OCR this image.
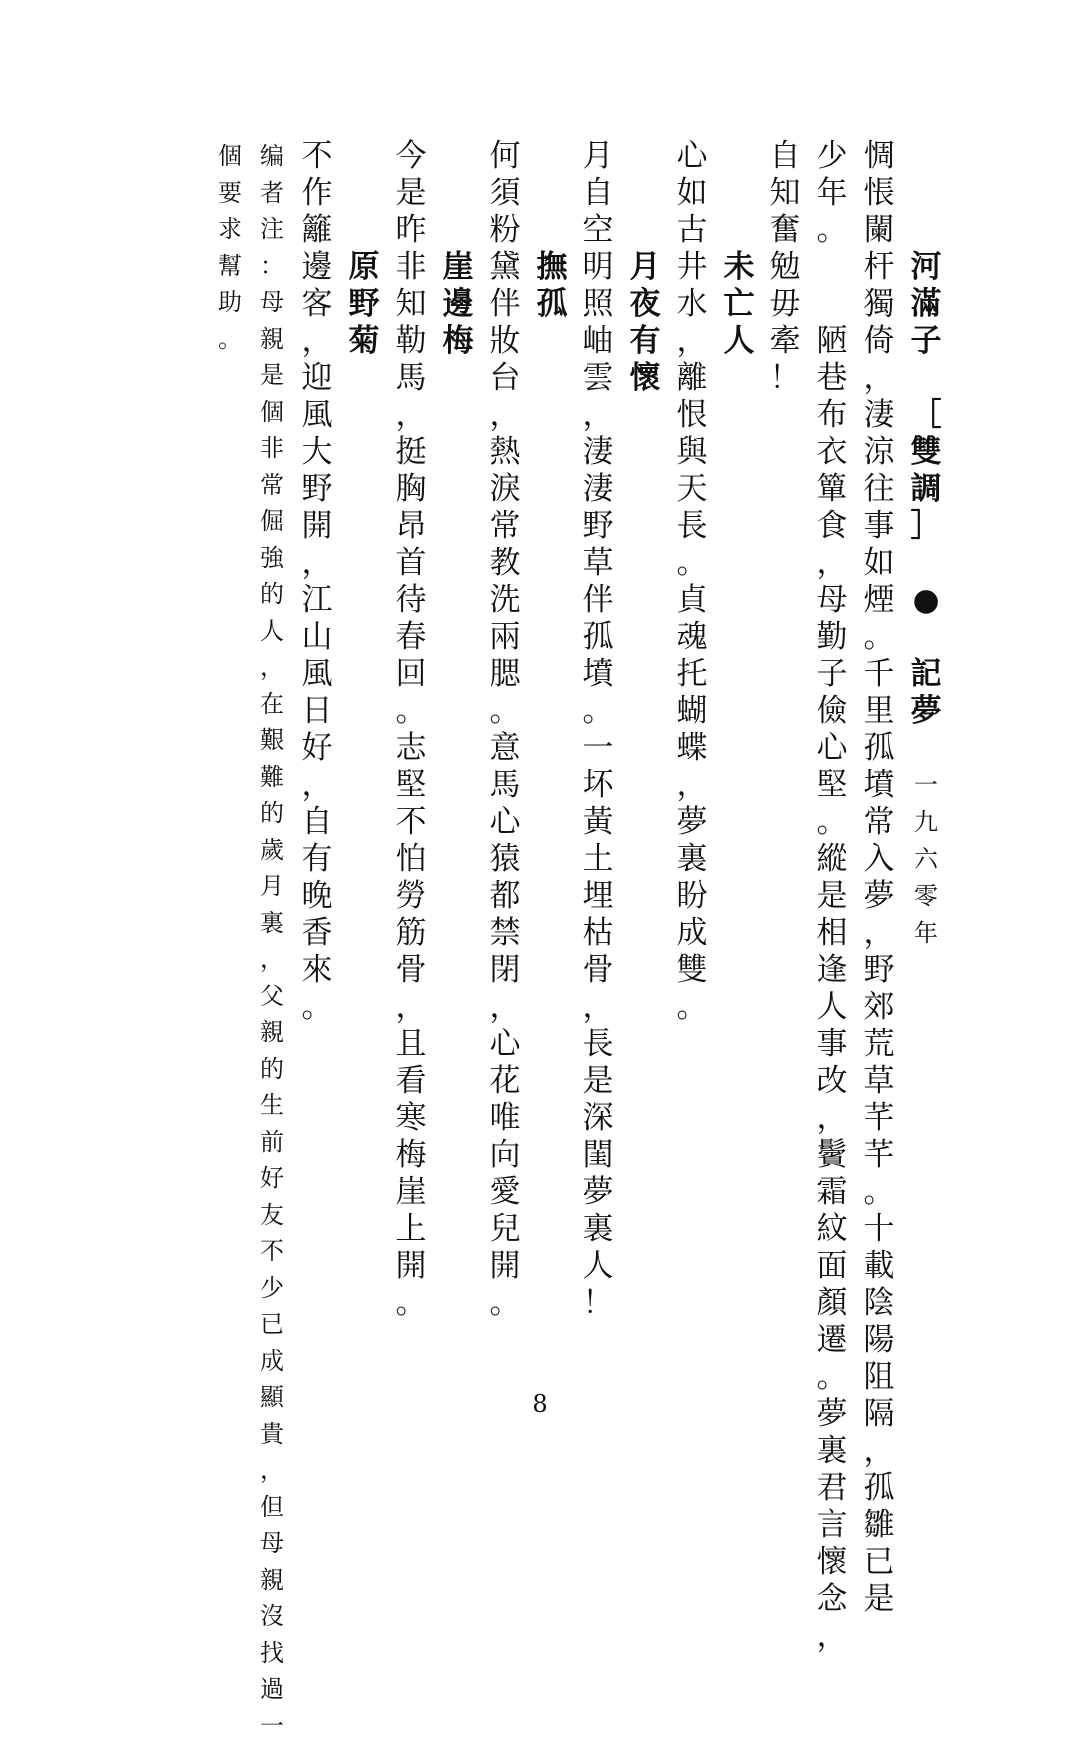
河
滿
子

［
雙
調
］

●

記
夢

一
九
六
零
年
惆
悵
闌
杆
獨
倚
，
淒
涼
往
事
如
煙
。
千
里
孤
墳
常
入
夢
，
野
郊
荒
草
芊
芊
。
十
載
陰
陽
阻
隔
，
孤
雛
已
是
少
年
。

陋
巷
布
衣
簞
食
，
母
勤
子
儉
心
堅
。
縱
是
相
逢
人
事
改
，
鬢
霜
紋
面
顏
遷
。
夢
裏
君
言
懷
念
，
自
知
奮
勉
毋
牽
！

未
亡
人
心
如
古
井
水
，
離
恨
與
天
長
。
貞
魂
托
蝴
蝶
，
夢
裏
盼
成
雙
。

月
夜
有
懷
月
自
空
明
照
岫
雲
，
淒
淒
野
草
伴
孤
墳
。
一
坏
黃
土
埋
枯
骨
，
長
是
深
閨
夢
裏
人
！

撫
孤
何
須
粉
黛
伴
妝
台
，
熱
淚
常
教
洗
兩
腮
。
意
馬
心
猿
都
禁
閉
，
心
花
唯
向
愛
兒
開
。

崖
邊
梅
今
是
昨
非
知
勒
馬
，
挺
胸
昂
首
待
春
回
。
志
堅
不
怕
勞
筋
骨
，
且
看
寒
梅
崖
上
開
。

原
野
菊
不
作
籬
邊
客
，
迎
風
大
野
開
，
江
山
風
日
好
，
自
有
晚
香
來
。
编
者
注
：
母
親
是
個
非
常
倔
強
的
人
，
在
艱
難
的
歲
月
裏
，
父
親
的
生
前
好
友
不
少
已
成
顯
貴
，
但
母
親
沒
找
過
一
個
要
求
幫
助
。
8
